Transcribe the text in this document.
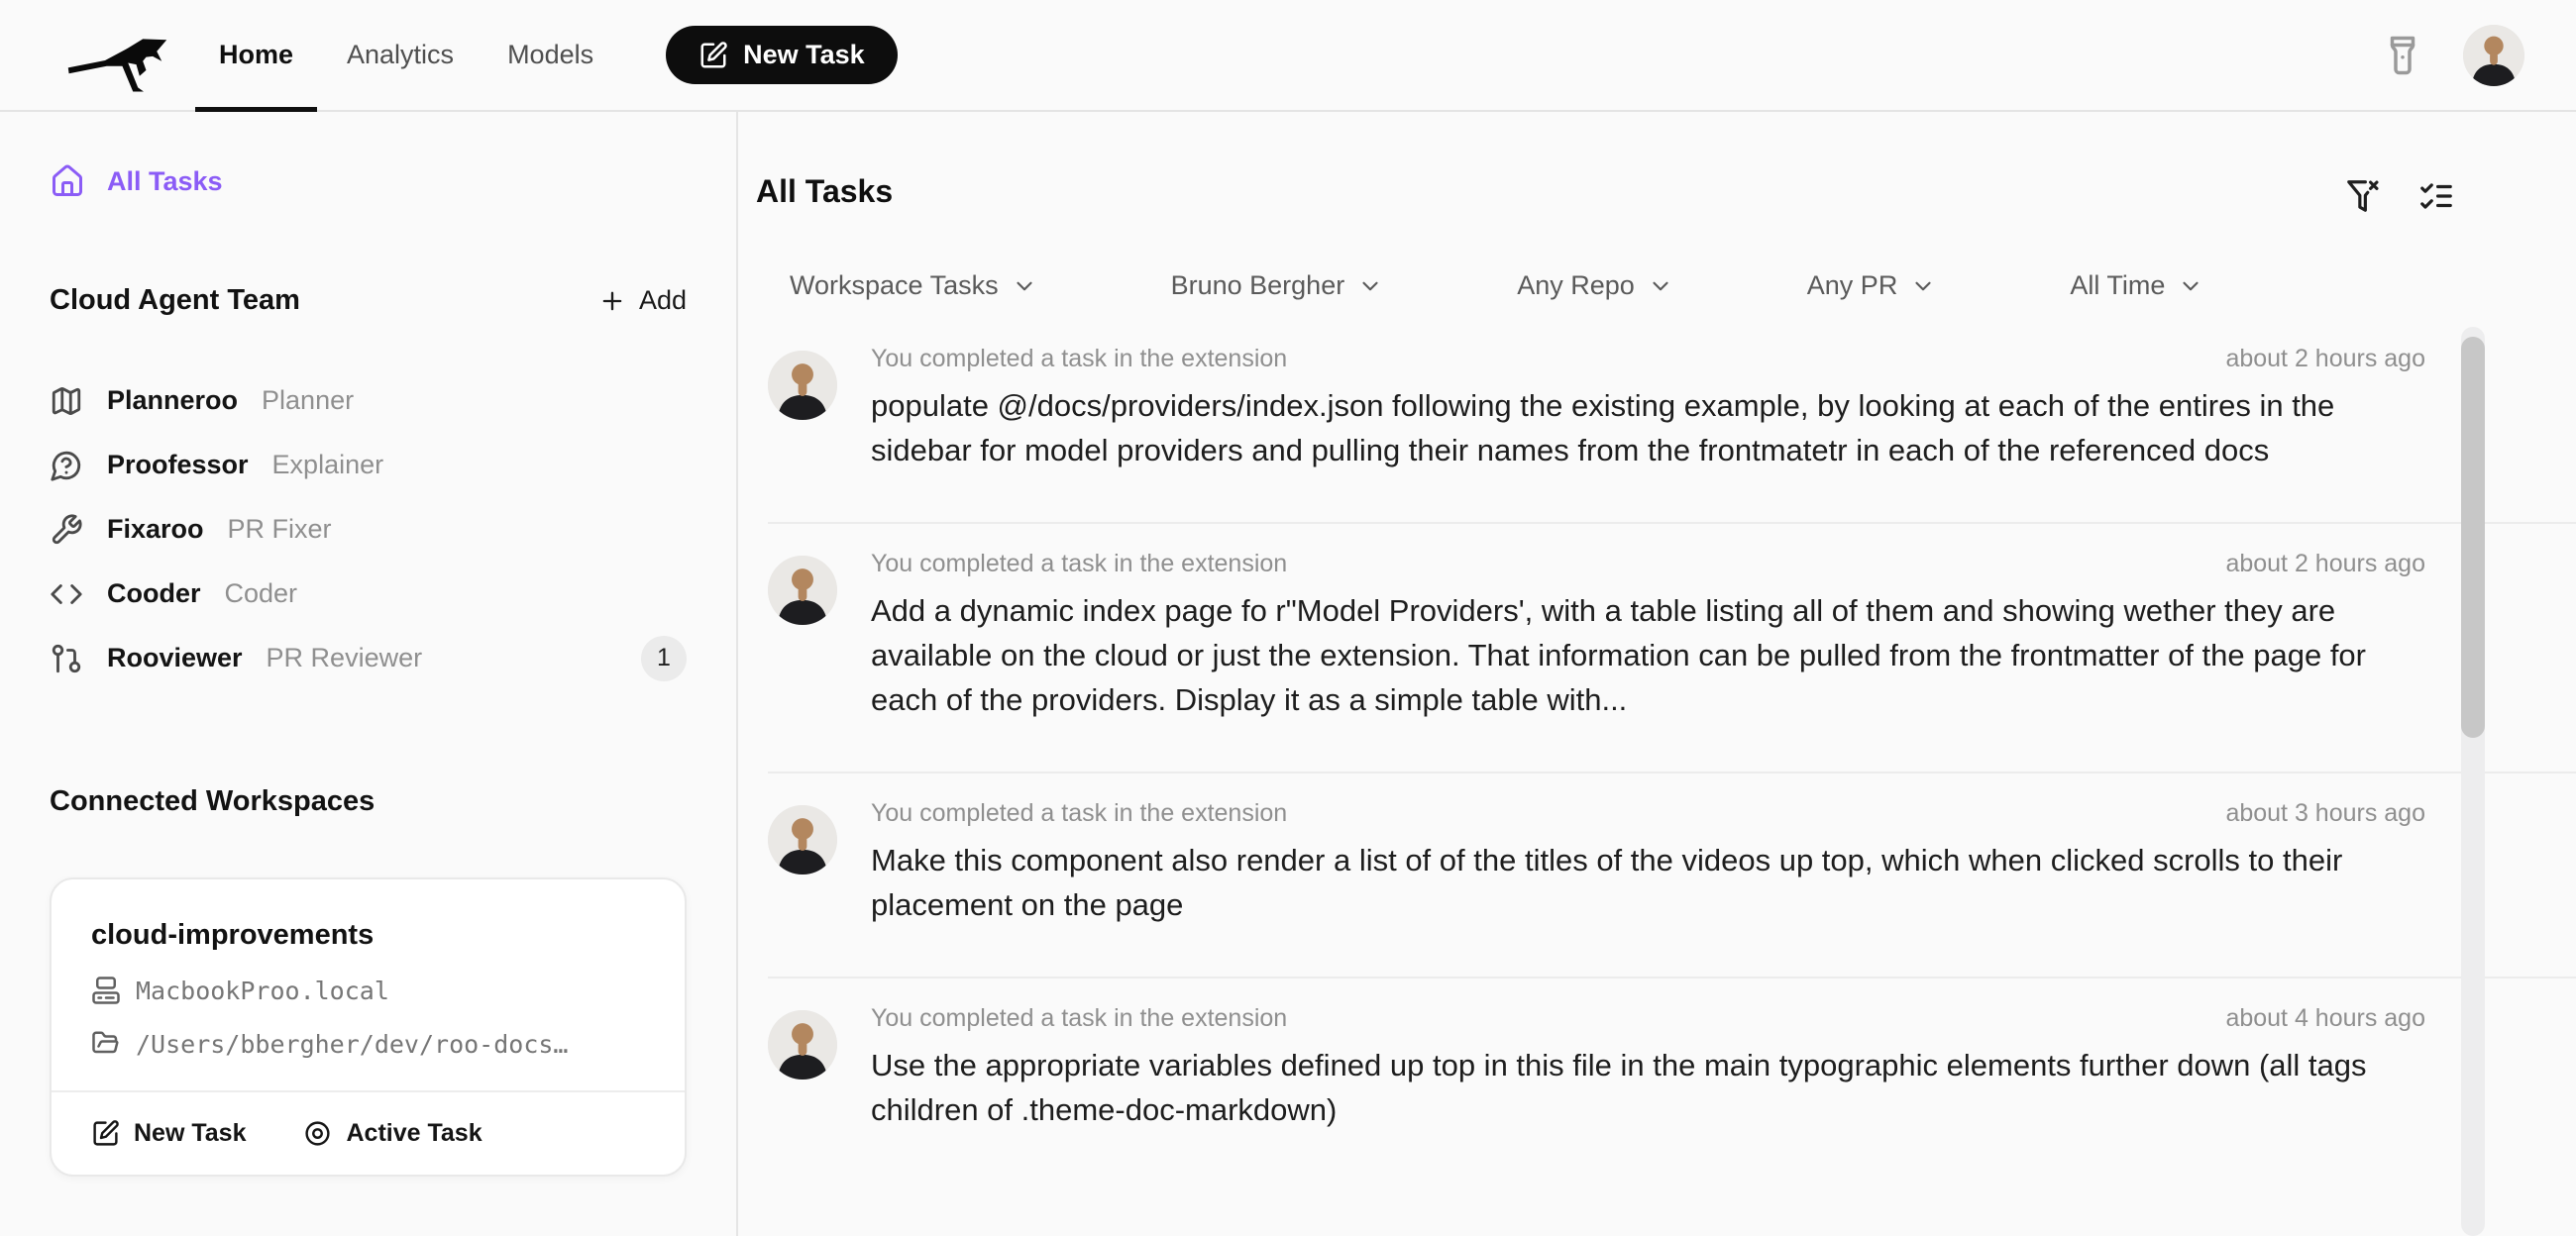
Home	Analytics	Models	New Task
All Tasks
Cloud Agent Team	Add
Planneroo Planner
Proofessor Explainer
Fixaroo PR Fixer
Cooder Coder
Rooviewer PR Reviewer	1
Connected Workspaces
cloud-improvements
MacbookProo.local
/Users/bbergher/dev/roo-docs…
New Task	Active Task
All Tasks
Workspace Tasks	Bruno Bergher	Any Repo	Any PR	All Time
You completed a task in the extension	about 2 hours ago

populate @/docs/providers/index.json following the existing example, by looking at each of the entires in the sidebar for model providers and pulling their names from the frontmatetr in each of the referenced docs

You completed a task in the extension	about 2 hours ago

Add a dynamic index page fo r"Model Providers', with a table listing all of them and showing wether they are available on the cloud or just the extension. That information can be pulled from the frontmatter of the page for each of the providers. Display it as a simple table with...

You completed a task in the extension	about 3 hours ago

Make this component also render a list of of the titles of the videos up top, which when clicked scrolls to their placement on the page

You completed a task in the extension	about 4 hours ago

Use the appropriate variables defined up top in this file in the main typographic elements further down (all tags children of .theme-doc-markdown)
